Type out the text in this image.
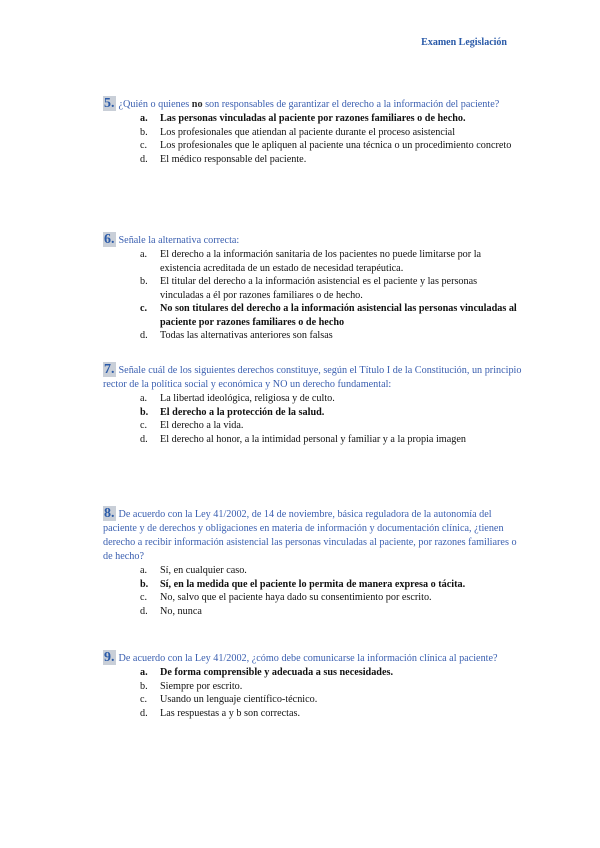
Examen Legislación
5. ¿Quién o quienes no son responsables de garantizar el derecho a la información del paciente?
a. Las personas vinculadas al paciente por razones familiares o de hecho.
b. Los profesionales que atiendan al paciente durante el proceso asistencial
c. Los profesionales que le apliquen al paciente una técnica o un procedimiento concreto
d. El médico responsable del paciente.
6. Señale la alternativa correcta:
a. El derecho a la información sanitaria de los pacientes no puede limitarse por la existencia acreditada de un estado de necesidad terapéutica.
b. El titular del derecho a la información asistencial es el paciente y las personas vinculadas a él por razones familiares o de hecho.
c. No son titulares del derecho a la información asistencial las personas vinculadas al paciente por razones familiares o de hecho
d. Todas las alternativas anteriores son falsas
7. Señale cuál de los siguientes derechos constituye, según el Título I de la Constitución, un principio rector de la política social y económica y NO un derecho fundamental:
a. La libertad ideológica, religiosa y de culto.
b. El derecho a la protección de la salud.
c. El derecho a la vida.
d. El derecho al honor, a la intimidad personal y familiar y a la propia imagen
8. De acuerdo con la Ley 41/2002, de 14 de noviembre, básica reguladora de la autonomía del paciente y de derechos y obligaciones en materia de información y documentación clínica, ¿tienen derecho a recibir información asistencial las personas vinculadas al paciente, por razones familiares o de hecho?
a. Sí, en cualquier caso.
b. Sí, en la medida que el paciente lo permita de manera expresa o tácita.
c. No, salvo que el paciente haya dado su consentimiento por escrito.
d. No, nunca
9. De acuerdo con la Ley 41/2002, ¿cómo debe comunicarse la información clínica al paciente?
a. De forma comprensible y adecuada a sus necesidades.
b. Siempre por escrito.
c. Usando un lenguaje científico-técnico.
d. Las respuestas a y b son correctas.
